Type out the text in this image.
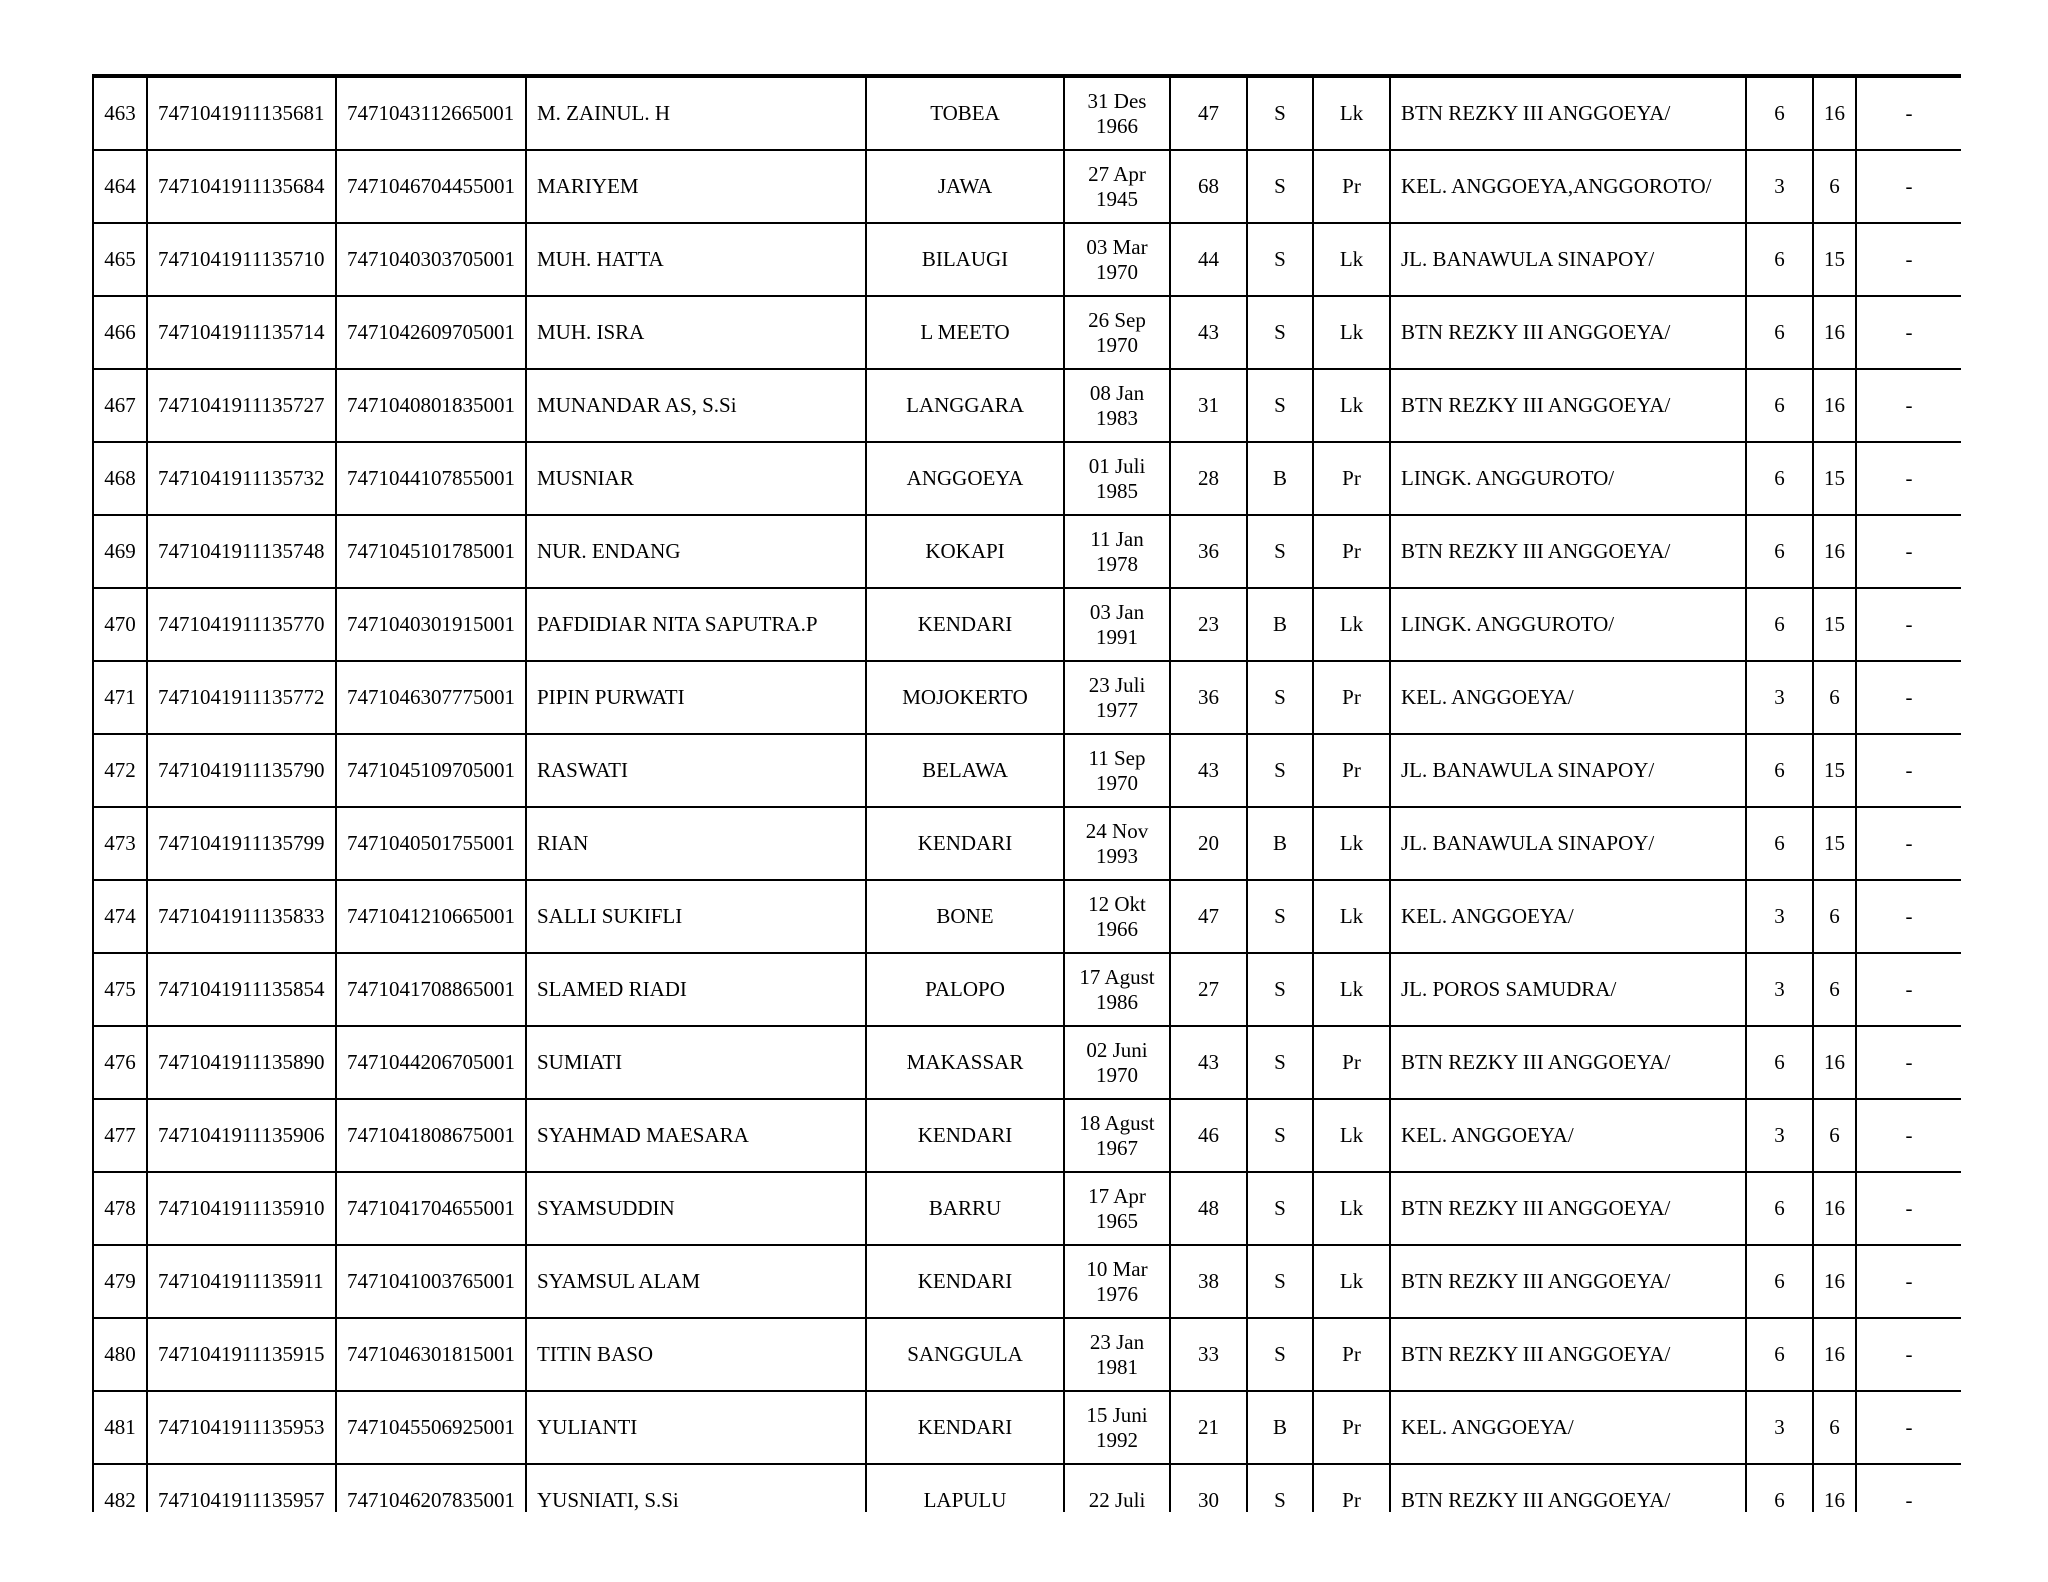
463	7471041911135681	7471043112665001	M. ZAINUL. H	TOBEA	31 Des
1966	47	S	Lk	BTN REZKY III ANGGOEYA/	6	16	-
464	7471041911135684	7471046704455001	MARIYEM	JAWA	27 Apr
1945	68	S	Pr	KEL. ANGGOEYA,ANGGOROTO/	3	6	-
465	7471041911135710	7471040303705001	MUH. HATTA	BILAUGI	03 Mar
1970	44	S	Lk	JL. BANAWULA SINAPOY/	6	15	-
466	7471041911135714	7471042609705001	MUH. ISRA	L MEETO	26 Sep
1970	43	S	Lk	BTN REZKY III ANGGOEYA/	6	16	-
467	7471041911135727	7471040801835001	MUNANDAR AS, S.Si	LANGGARA	08 Jan
1983	31	S	Lk	BTN REZKY III ANGGOEYA/	6	16	-
468	7471041911135732	7471044107855001	MUSNIAR	ANGGOEYA	01 Juli
1985	28	B	Pr	LINGK. ANGGUROTO/	6	15	-
469	7471041911135748	7471045101785001	NUR. ENDANG	KOKAPI	11 Jan
1978	36	S	Pr	BTN REZKY III ANGGOEYA/	6	16	-
470	7471041911135770	7471040301915001	PAFDIDIAR NITA SAPUTRA.P	KENDARI	03 Jan
1991	23	B	Lk	LINGK. ANGGUROTO/	6	15	-
471	7471041911135772	7471046307775001	PIPIN PURWATI	MOJOKERTO	23 Juli
1977	36	S	Pr	KEL. ANGGOEYA/	3	6	-
472	7471041911135790	7471045109705001	RASWATI	BELAWA	11 Sep
1970	43	S	Pr	JL. BANAWULA SINAPOY/	6	15	-
473	7471041911135799	7471040501755001	RIAN	KENDARI	24 Nov
1993	20	B	Lk	JL. BANAWULA SINAPOY/	6	15	-
474	7471041911135833	7471041210665001	SALLI SUKIFLI	BONE	12 Okt
1966	47	S	Lk	KEL. ANGGOEYA/	3	6	-
475	7471041911135854	7471041708865001	SLAMED RIADI	PALOPO	17 Agust
1986	27	S	Lk	JL. POROS SAMUDRA/	3	6	-
476	7471041911135890	7471044206705001	SUMIATI	MAKASSAR	02 Juni
1970	43	S	Pr	BTN REZKY III ANGGOEYA/	6	16	-
477	7471041911135906	7471041808675001	SYAHMAD MAESARA	KENDARI	18 Agust
1967	46	S	Lk	KEL. ANGGOEYA/	3	6	-
478	7471041911135910	7471041704655001	SYAMSUDDIN	BARRU	17 Apr
1965	48	S	Lk	BTN REZKY III ANGGOEYA/	6	16	-
479	7471041911135911	7471041003765001	SYAMSUL ALAM	KENDARI	10 Mar
1976	38	S	Lk	BTN REZKY III ANGGOEYA/	6	16	-
480	7471041911135915	7471046301815001	TITIN BASO	SANGGULA	23 Jan
1981	33	S	Pr	BTN REZKY III ANGGOEYA/	6	16	-
481	7471041911135953	7471045506925001	YULIANTI	KENDARI	15 Juni
1992	21	B	Pr	KEL. ANGGOEYA/	3	6	-
482	7471041911135957	7471046207835001	YUSNIATI, S.Si	LAPULU	22 Juli	30	S	Pr	BTN REZKY III ANGGOEYA/	6	16	-
